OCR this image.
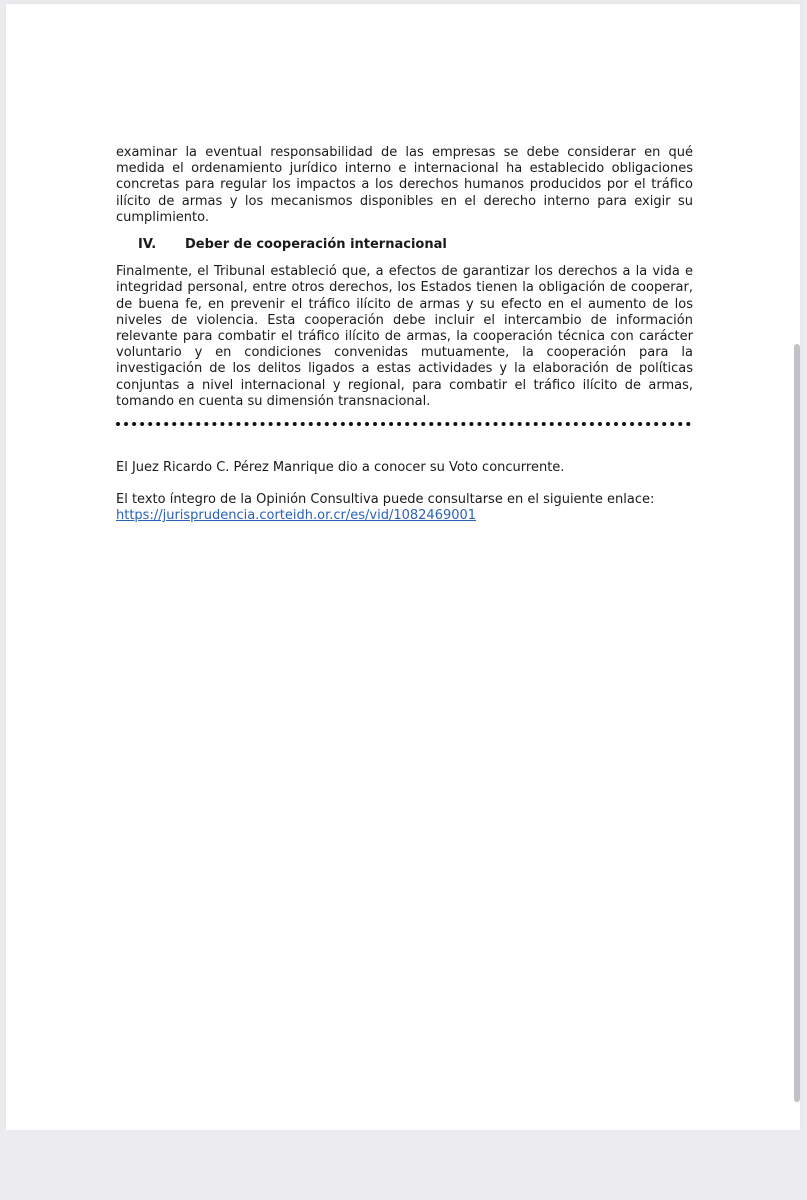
examinar la eventual responsabilidad de las empresas se debe considerar en qué medida el ordenamiento jurídico interno e internacional ha establecido obligaciones concretas para regular los impactos a los derechos humanos producidos por el tráfico ilícito de armas y los mecanismos disponibles en el derecho interno para exigir su cumplimiento.

IV.	Deber de cooperación internacional

Finalmente, el Tribunal estableció que, a efectos de garantizar los derechos a la vida e integridad personal, entre otros derechos, los Estados tienen la obligación de cooperar, de buena fe, en prevenir el tráfico ilícito de armas y su efecto en el aumento de los niveles de violencia. Esta cooperación debe incluir el intercambio de información relevante para combatir el tráfico ilícito de armas, la cooperación técnica con carácter voluntario y en condiciones convenidas mutuamente, la cooperación para la investigación de los delitos ligados a estas actividades y la elaboración de políticas conjuntas a nivel internacional y regional, para combatir el tráfico ilícito de armas, tomando en cuenta su dimensión transnacional.

El Juez Ricardo C. Pérez Manrique dio a conocer su Voto concurrente.

El texto íntegro de la Opinión Consultiva puede consultarse en el siguiente enlace:
https://jurisprudencia.corteidh.or.cr/es/vid/1082469001
